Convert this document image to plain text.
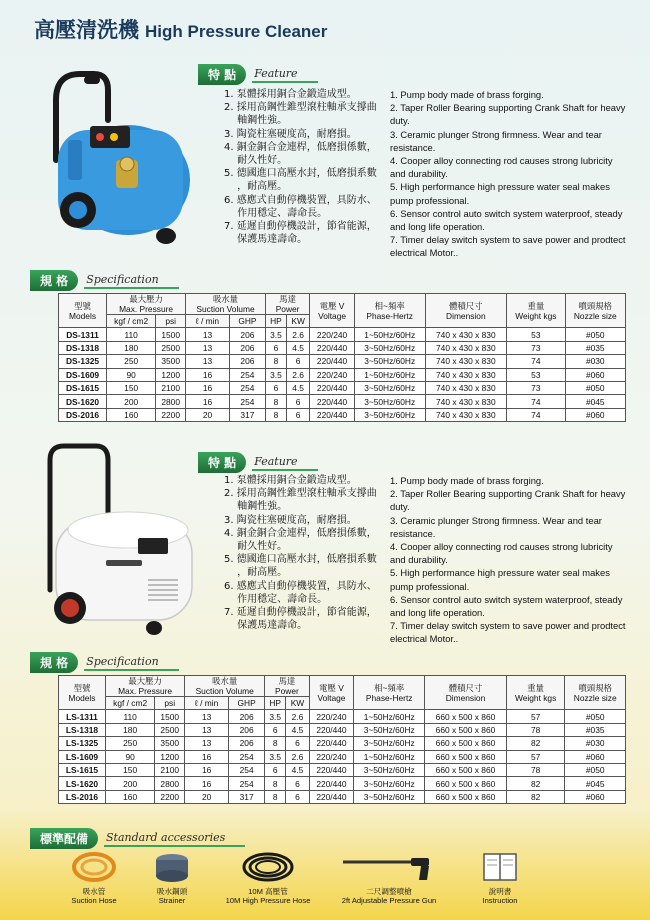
高壓清洗機 High Pressure Cleaner
特 點	Feature
1. 泵體採用銅合金鍛造成型。
2. 採用高鋼性錐型滾柱軸承支撐曲
　 軸鋼性強。
3. 陶瓷柱塞硬度高，耐磨損。
4. 銅金銅合金連桿，低磨損係數，
　 耐久性好。
5. 德國進口高壓水封，低磨損系數
　 ，耐高壓。
6. 感應式自動停機裝置，具防水、
　 作用穩定、壽命長。
7. 延遲自動停機設計，節省能源，
　 保護馬達壽命。
1. Pump body made of brass forging.
2. Taper Roller Bearing supporting Crank Shaft for heavy
duty.
3. Ceramic plunger Strong firmness. Wear and tear
resistance.
4. Cooper alloy connecting rod causes strong lubricity
and durability.
5. High performance high pressure water seal makes
pump professional.
6. Sensor control auto switch system waterproof, steady
and long life operation.
7. Timer delay switch system to save power and prodtect
electrical Motor..
規 格	Specification
型號
Models	最大壓力
Max. Pressure		吸水量
Suction Volume		馬達
Power		電壓 V
Voltage	相~頻率
Phase-Hertz	體積尺寸
Dimension	重量
Weight kgs	噴頭規格
Nozzle size
	kgf / cm2	psi	ℓ / min	GHP	HP	KW					
DS-1311	110	1500	13	206	3.5	2.6	220/240	1~50Hz/60Hz	740 x 430 x 830	53	#050
DS-1318	180	2500	13	206	6	4.5	220/440	3~50Hz/60Hz	740 x 430 x 830	73	#035
DS-1325	250	3500	13	206	8	6	220/440	3~50Hz/60Hz	740 x 430 x 830	74	#030
DS-1609	90	1200	16	254	3.5	2.6	220/240	1~50Hz/60Hz	740 x 430 x 830	53	#060
DS-1615	150	2100	16	254	6	4.5	220/440	3~50Hz/60Hz	740 x 430 x 830	73	#050
DS-1620	200	2800	16	254	8	6	220/440	3~50Hz/60Hz	740 x 430 x 830	74	#045
DS-2016	160	2200	20	317	8	6	220/440	3~50Hz/60Hz	740 x 430 x 830	74	#060
特 點	Feature
1. 泵體採用銅合金鍛造成型。
2. 採用高鋼性錐型滾柱軸承支撐曲
　 軸鋼性強。
3. 陶瓷柱塞硬度高，耐磨損。
4. 銅金銅合金連桿，低磨損係數，
　 耐久性好。
5. 德國進口高壓水封，低磨損系數
　 ，耐高壓。
6. 感應式自動停機裝置，具防水、
　 作用穩定、壽命長。
7. 延遲自動停機設計，節省能源，
　 保護馬達壽命。
1. Pump body made of brass forging.
2. Taper Roller Bearing supporting Crank Shaft for heavy
duty.
3. Ceramic plunger Strong firmness. Wear and tear
resistance.
4. Cooper alloy connecting rod causes strong lubricity
and durability.
5. High performance high pressure water seal makes
pump professional.
6. Sensor control auto switch system waterproof, steady
and long life operation.
7. Timer delay switch system to save power and prodtect
electrical Motor..
規 格	Specification
型號
Models	最大壓力
Max. Pressure		吸水量
Suction Volume		馬達
Power		電壓 V
Voltage	相~頻率
Phase-Hertz	體積尺寸
Dimension	重量
Weight kgs	噴頭規格
Nozzle size
	kgf / cm2	psi	ℓ / min	GHP	HP	KW					
LS-1311	110	1500	13	206	3.5	2.6	220/240	1~50Hz/60Hz	660 x 500 x 860	57	#050
LS-1318	180	2500	13	206	6	4.5	220/440	3~50Hz/60Hz	660 x 500 x 860	78	#035
LS-1325	250	3500	13	206	8	6	220/440	3~50Hz/60Hz	660 x 500 x 860	82	#030
LS-1609	90	1200	16	254	3.5	2.6	220/240	1~50Hz/60Hz	660 x 500 x 860	57	#060
LS-1615	150	2100	16	254	6	4.5	220/440	3~50Hz/60Hz	660 x 500 x 860	78	#050
LS-1620	200	2800	16	254	8	6	220/440	3~50Hz/60Hz	660 x 500 x 860	82	#045
LS-2016	160	2200	20	317	8	6	220/440	3~50Hz/60Hz	660 x 500 x 860	82	#060
標準配備	Standard accessories
吸水管
Suction Hose
吸水鋼頭
Strainer
10M 高壓管
10M High Pressure Hose
二尺調整噴槍
2ft Adjustable Pressure Gun
說明書
Instruction
